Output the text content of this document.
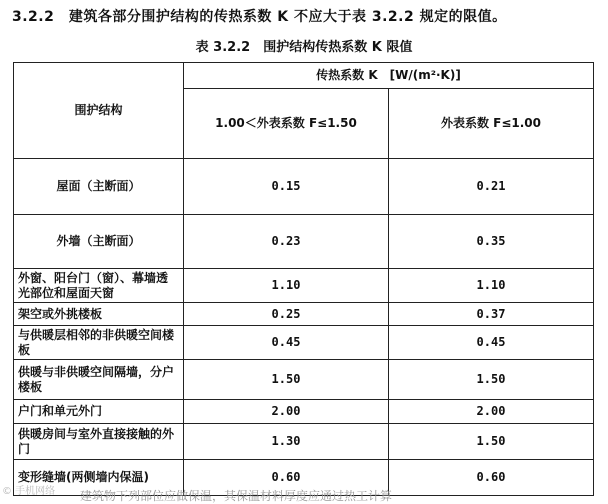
3.2.2　建筑各部分围护结构的传热系数 K 不应大于表 3.2.2 规定的限值。
表 3.2.2　围护结构传热系数 K 限值
围护结构	传热系数 K　[W/(m²·K)]	
	1.00＜外表系数 F≤1.50	外表系数 F≤1.00
屋面（主断面）	0.15	0.21
外墙（主断面）	0.23	0.35
外窗、阳台门（窗）、幕墙透光部位和屋面天窗	1.10	1.10
架空或外挑楼板	0.25	0.37
与供暖层相邻的非供暖空间楼板	0.45	0.45
供暖与非供暖空间隔墙，分户楼板	1.50	1.50
户门和单元外门	2.00	2.00
供暖房间与室外直接接触的外门	1.30	1.50
变形缝墙(两侧墙内保温)	0.60	0.60
© 手机网络 建筑物下列部位应做保温，其保温材料厚度应通过热工计算
